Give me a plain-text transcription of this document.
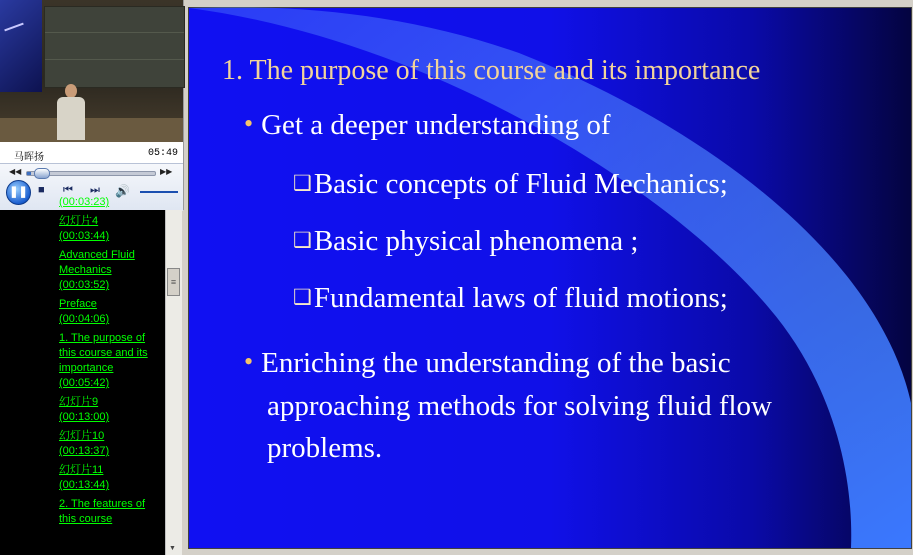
马晖扬	05:49
◀◀	▶▶
❚❚ ■ ⏮ ⏭ 🔊
(00:03:23)
幻灯片4
(00:03:44)
Advanced Fluid Mechanics
(00:03:52)
Preface
(00:04:06)
1. The purpose of this course and its importance
(00:05:42)
幻灯片9
(00:13:00)
幻灯片10
(00:13:37)
幻灯片11
(00:13:44)
2. The features of this course
≡
▼
1. The purpose of this course and its importance
• Get a deeper understanding of
❑Basic concepts of Fluid Mechanics;
❑Basic physical phenomena ;
❑Fundamental laws of fluid motions;
• Enriching the understanding of the basic
approaching methods for solving fluid flow
problems.
